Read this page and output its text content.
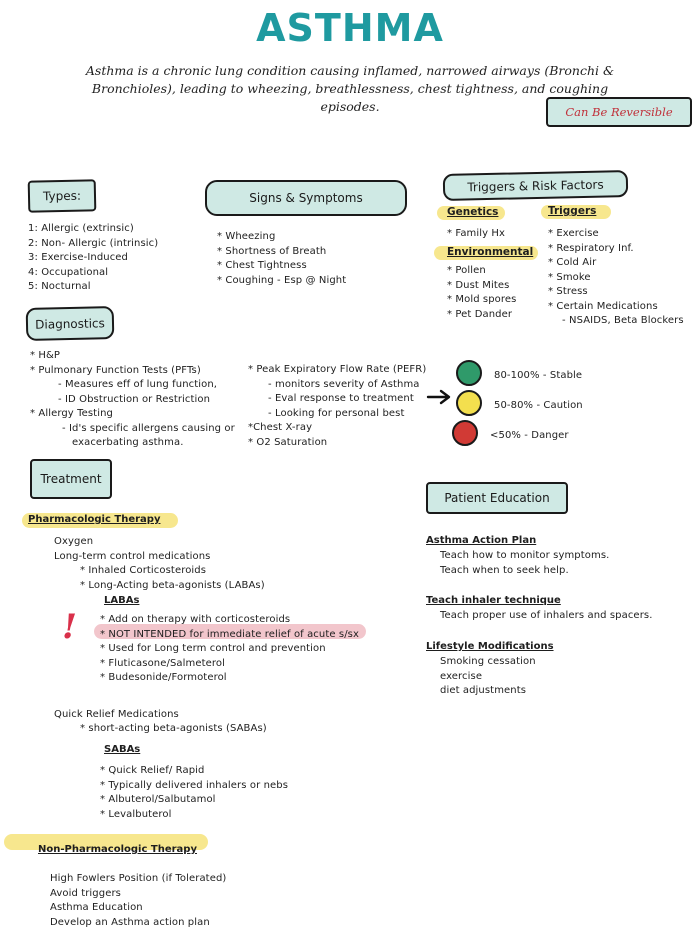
ASTHMA
Asthma is a chronic lung condition causing inflamed, narrowed airways (Bronchi & Bronchioles), leading to wheezing, breathlessness, chest tightness, and coughing episodes.	Can Be Reversible
Types:
1: Allergic (extrinsic)
2: Non- Allergic (intrinsic)
3: Exercise-Induced
4: Occupational
5: Nocturnal
Signs & Symptoms
* Wheezing
* Shortness of Breath
* Chest Tightness
* Coughing - Esp @ Night
Triggers & Risk Factors
Genetics
* Family Hx
Environmental
* Pollen
* Dust Mites
* Mold spores
* Pet Dander
Triggers
* Exercise
* Respiratory Inf.
* Cold Air
* Smoke
* Stress
* Certain Medications
- NSAIDS, Beta Blockers
Diagnostics
* H&P
* Pulmonary Function Tests (PFTs)
- Measures eff of lung function,
- ID Obstruction or Restriction
* Allergy Testing
- Id's specific allergens causing or
exacerbating asthma.
* Peak Expiratory Flow Rate (PEFR)
- monitors severity of Asthma
- Eval response to treatment
- Looking for personal best
*Chest X-ray
* O2 Saturation
80-100% - Stable
50-80% - Caution
<50% - Danger
Treatment
Pharmacologic Therapy
Oxygen
Long-term control medications
* Inhaled Corticosteroids
* Long-Acting beta-agonists (LABAs)
LABAs
! * Add on therapy with corticosteroids
* NOT INTENDED for immediate relief of acute s/sx
* Used for Long term control and prevention
* Fluticasone/Salmeterol
* Budesonide/Formoterol
Quick Relief Medications
* short-acting beta-agonists (SABAs)
SABAs
* Quick Relief/ Rapid
* Typically delivered inhalers or nebs
* Albuterol/Salbutamol
* Levalbuterol
Non-Pharmacologic Therapy
High Fowlers Position (if Tolerated)
Avoid triggers
Asthma Education
Develop an Asthma action plan
Patient Education
Asthma Action Plan
Teach how to monitor symptoms.
Teach when to seek help.
Teach inhaler technique
Teach proper use of inhalers and spacers.
Lifestyle Modifications
Smoking cessation
exercise
diet adjustments
